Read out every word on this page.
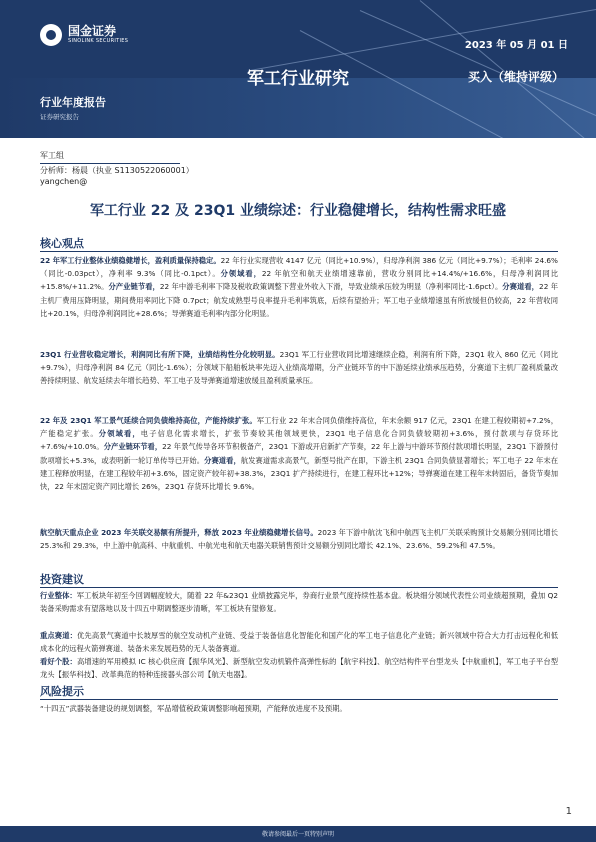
国金证券
SINOLINK SECURITIES	2023 年 05 月 01 日
军工行业研究	买入（维持评级）
行业年度报告
证券研究报告
军工组
分析师：杨晨（执业 S1130522060001）
yangchen@
军工行业 22 及 23Q1 业绩综述：行业稳健增长，结构性需求旺盛
核心观点
22 年军工行业整体业绩稳健增长，盈利质量保持稳定。22 年行业实现营收 4147 亿元（同比+10.9%），归母净利润 386 亿元（同比+9.7%）；毛利率 24.6%（同比-0.03pct），净利率 9.3%（同比-0.1pct）。分领域看，22 年航空和航天业绩增速靠前，营收分别同比+14.4%/+16.6%，归母净利润同比+15.8%/+11.2%。分产业链节看，22 年中游毛利率下降及税收政策调整下营业外收入下滑，导致业绩承压较为明显（净利率同比-1.6pct）。分赛道看，22 年主机厂费用压降明显，期间费用率同比下降 0.7pct；航发成熟型号良率提升毛利率筑底，后续有望抬升；军工电子业绩增速虽有所放缓但仍较高，22 年营收同比+20.1%，归母净利润同比+28.6%；导弹赛道毛利率内部分化明显。
23Q1 行业营收稳定增长，利润同比有所下降，业绩结构性分化较明显。23Q1 军工行业营收同比增速继续企稳，利润有所下降，23Q1 收入 860 亿元（同比+9.7%），归母净利润 84 亿元（同比-1.6%）；分领域下船舶板块率先迈入业绩高增期，分产业链环节的中下游延续业绩承压趋势，分赛道下主机厂盈利质量改善持续明显、航发延续去年增长趋势、军工电子及导弹赛道增速放缓且盈利质量承压。
22 年及 23Q1 军工景气延续合同负债维持高位，产能持续扩张。军工行业 22 年末合同负债维持高位，年末余额 917 亿元，23Q1 在建工程较期初+7.2%，产能稳定扩张。分领域看，电子信息化需求增长，扩张节奏较其他领域更快，23Q1 电子信息化合同负债较期初+3.6%，预付款项与存货环比+7.6%/+10.0%。分产业链环节看，22 年景气传导各环节积极备产，23Q1 下游或开启新扩产节奏，22 年上游与中游环节预付款项增长明显，23Q1 下游预付款项增长+5.3%，或表明新一轮订单传导已开始。分赛道看，航发赛道需求高景气，新型号批产在即，下游主机 23Q1 合同负债显著增长；军工电子 22 年末在建工程释放明显，在建工程较年初+3.6%，固定资产较年初+38.3%，23Q1 扩产持续进行，在建工程环比+12%；导弹赛道在建工程年末转固后，备货节奏加快，22 年末固定资产同比增长 26%，23Q1 存货环比增长 9.6%。
航空航天重点企业 2023 年关联交易额有所提升，释放 2023 年业绩稳健增长信号。2023 年下游中航沈飞和中航西飞主机厂关联采购预计交易额分别同比增长 25.3%和 29.3%，中上游中航高科、中航重机、中航光电和航天电器关联销售预计交易额分别同比增长 42.1%、23.6%、59.2%和 47.5%。
投资建议
行业整体：军工板块年初至今回调幅度较大，随着 22 年&23Q1 业绩披露完毕，券商行业景气度持续性基本盘。板块细分领域代表性公司业绩超预期，叠加 Q2 装备采购需求有望落地以及十四五中期调整逐步清晰，军工板块有望修复。
重点赛道：优先高景气赛道中长坡厚雪的航空发动机产业链、受益于装备信息化智能化和国产化的军工电子信息化产业链；新兴领域中符合大力打击远程化和低成本化的远程火箭弹赛道、装备未来发展趋势的无人装备赛道。
看好个股：高增速的军用模拟 IC 核心供应商【振华风光】、新型航空发动机锻件高弹性标的【航宇科技】、航空结构件平台型龙头【中航重机】，军工电子平台型龙头【振华科技】、改革典范的特种连接器头部公司【航天电器】。
风险提示
“十四五”武器装备建设的规划调整，军品增值税政策调整影响超预期，产能释放进度不及预期。
1
敬请参阅最后一页特别声明
